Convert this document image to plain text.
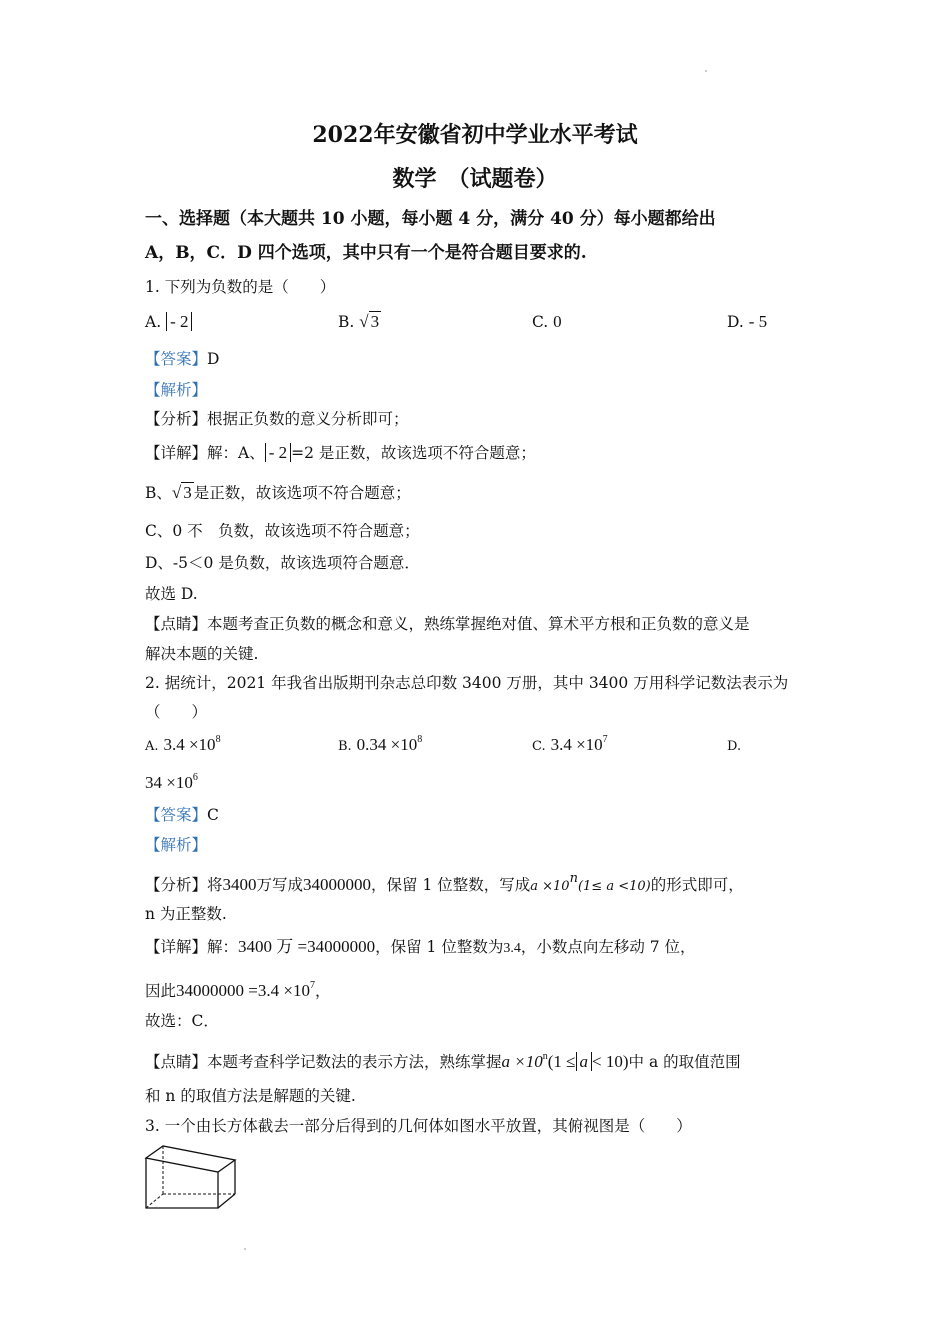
2022年安徽省初中学业水平考试
数学　（试题卷）
一、选择题（本大题共 10 小题，每小题 4 分，满分 40 分）每小题都给出
A，B，C．D 四个选项，其中只有一个是符合题目要求的.
1. 下列为负数的是（　　）
A. - 2	B. √ 3	C. 0	D. - 5
【答案】D
【解析】
【分析】根据正负数的意义分析即可；
【详解】解：A、 - 2 =2 是正数，故该选项不符合题意；
B、√ 3 是正数，故该选项不符合题意；
C、0 不　负数，故该选项不符合题意；
D、-5＜0 是负数，故该选项符合题意．
故选 D.
【点睛】本题考查正负数的概念和意义，熟练掌握绝对值、算术平方根和正负数的意义是
解决本题的关键.
2. 据统计，2021 年我省出版期刊杂志总印数 3400 万册，其中 3400 万用科学记数法表示为
（　　）
A. $3.4 \times 10^8$	B. $0.34 \times 10^8$	C. $3.4 \times 10^7$	D.
$34 \times 10^6$
【答案】C
【解析】
【分析】将3400万写成34000000，保留 1 位整数，写成$a \times 10^n(1\le a <10)$的形式即可，
n 为正整数.
【详解】解：3400 万 =34000000，保留 1 位整数为3.4，小数点向左移动 7 位，
因此$34000000 =3.4 \times 10^7$，
故选：C．
【点睛】本题考查科学记数法的表示方法，熟练掌握$a \times 10^n(1 \le a < 10)$中 a 的取值范围
和 n 的取值方法是解题的关键.
3. 一个由长方体截去一部分后得到的几何体如图水平放置，其俯视图是（　　）
